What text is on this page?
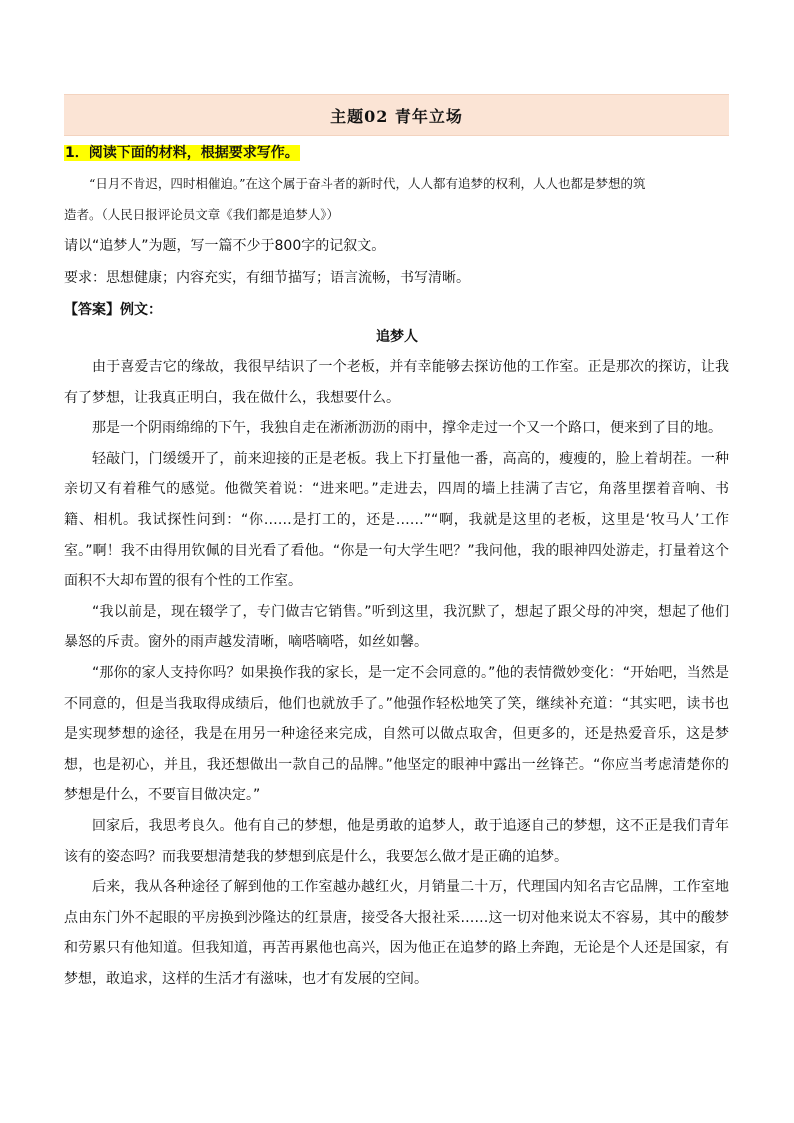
主题02 青年立场
1．阅读下面的材料，根据要求写作。
“日月不肯迟，四时相催迫。”在这个属于奋斗者的新时代，人人都有追梦的权利，人人也都是梦想的筑
造者。（人民日报评论员文章《我们都是追梦人》）
请以“追梦人”为题，写一篇不少于800字的记叙文。
要求：思想健康；内容充实，有细节描写；语言流畅，书写清晰。
【答案】例文：
追梦人

由于喜爱吉它的缘故，我很早结识了一个老板，并有幸能够去探访他的工作室。正是那次的探访，让我有了梦想，让我真正明白，我在做什么，我想要什么。

那是一个阴雨绵绵的下午，我独自走在淅淅沥沥的雨中，撑伞走过一个又一个路口，便来到了目的地。

轻敲门，门缓缓开了，前来迎接的正是老板。我上下打量他一番，高高的，瘦瘦的，脸上着胡茬。一种亲切又有着稚气的感觉。他微笑着说：“进来吧。”走进去，四周的墙上挂满了吉它，角落里摆着音响、书籍、相机。我试探性问到：“你……是打工的，还是……”“啊，我就是这里的老板，这里是‘牧马人’工作室。”啊！我不由得用钦佩的目光看了看他。“你是一句大学生吧？”我问他，我的眼神四处游走，打量着这个面积不大却布置的很有个性的工作室。

“我以前是，现在辍学了，专门做吉它销售。”听到这里，我沉默了，想起了跟父母的冲突，想起了他们暴怒的斥责。窗外的雨声越发清晰，嘀嗒嘀嗒，如丝如馨。

“那你的家人支持你吗？如果换作我的家长，是一定不会同意的。”他的表情微妙变化：“开始吧，当然是不同意的，但是当我取得成绩后，他们也就放手了。”他强作轻松地笑了笑，继续补充道：“其实吧，读书也是实现梦想的途径，我是在用另一种途径来完成，自然可以做点取舍，但更多的，还是热爱音乐，这是梦想，也是初心，并且，我还想做出一款自己的品牌。”他坚定的眼神中露出一丝锋芒。“你应当考虑清楚你的梦想是什么，不要盲目做决定。”

回家后，我思考良久。他有自己的梦想，他是勇敢的追梦人，敢于追逐自己的梦想，这不正是我们青年该有的姿态吗？而我要想清楚我的梦想到底是什么，我要怎么做才是正确的追梦。

后来，我从各种途径了解到他的工作室越办越红火，月销量二十万，代理国内知名吉它品牌，工作室地点由东门外不起眼的平房换到沙隆达的红景唐，接受各大报社采……这一切对他来说太不容易，其中的酸梦和劳累只有他知道。但我知道，再苦再累他也高兴，因为他正在追梦的路上奔跑，无论是个人还是国家，有梦想，敢追求，这样的生活才有滋味，也才有发展的空间。
